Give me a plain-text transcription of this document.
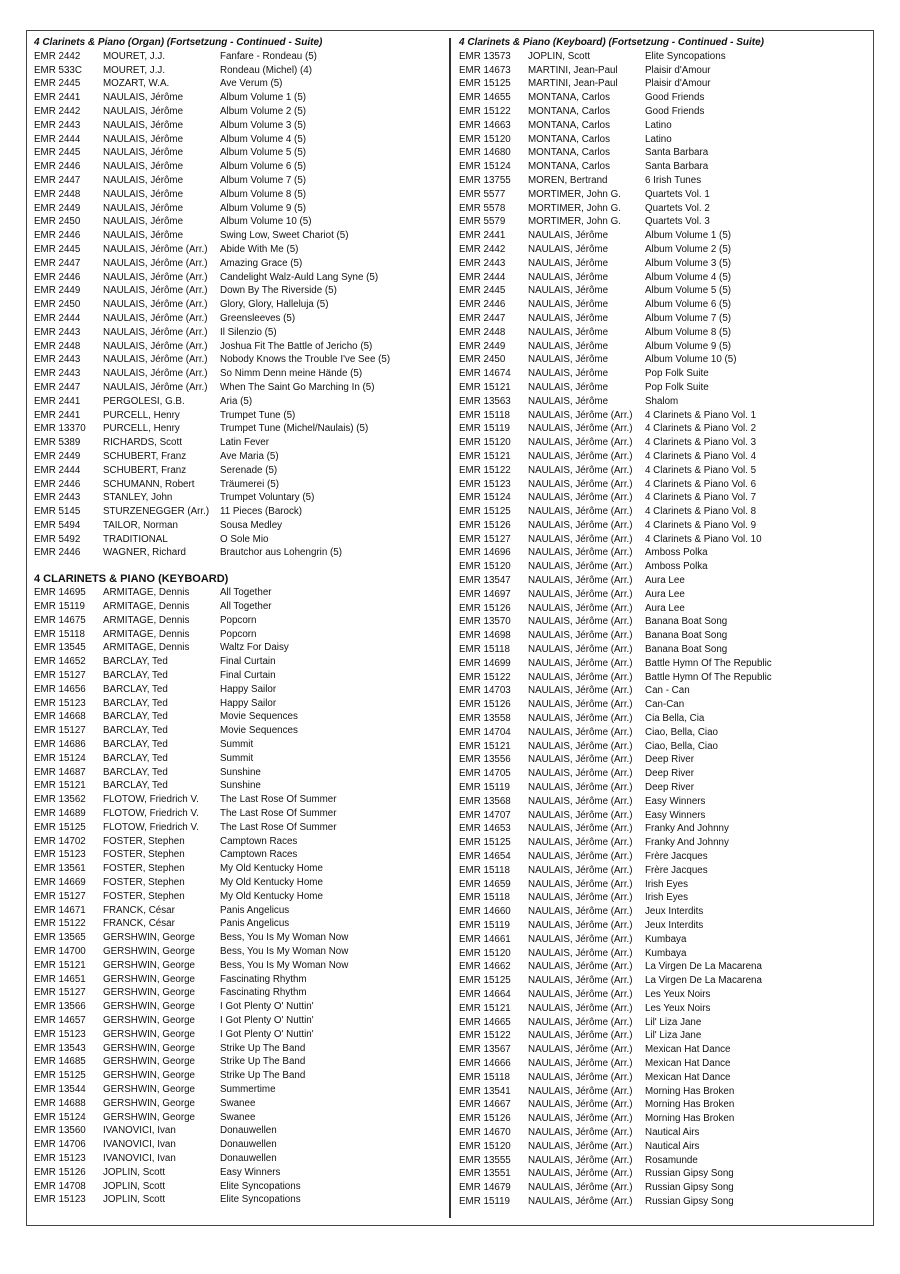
4 Clarinets & Piano (Organ) (Fortsetzung - Continued - Suite)
EMR 2442 MOURET, J.J.	Fanfare - Rondeau (5)
EMR 533C MOURET, J.J.	Rondeau (Michel) (4)
EMR 2445 MOZART, W.A.	Ave Verum (5)
EMR 2441 NAULAIS, Jérôme	Album Volume 1 (5)
EMR 2442 NAULAIS, Jérôme	Album Volume 2 (5)
EMR 2443 NAULAIS, Jérôme	Album Volume 3 (5)
EMR 2444 NAULAIS, Jérôme	Album Volume 4 (5)
EMR 2445 NAULAIS, Jérôme	Album Volume 5 (5)
EMR 2446 NAULAIS, Jérôme	Album Volume 6 (5)
EMR 2447 NAULAIS, Jérôme	Album Volume 7 (5)
EMR 2448 NAULAIS, Jérôme	Album Volume 8 (5)
EMR 2449 NAULAIS, Jérôme	Album Volume 9 (5)
EMR 2450 NAULAIS, Jérôme	Album Volume 10 (5)
EMR 2446 NAULAIS, Jérôme	Swing Low, Sweet Chariot (5)
EMR 2445 NAULAIS, Jérôme (Arr.) Abide With Me (5)
EMR 2447 NAULAIS, Jérôme (Arr.) Amazing Grace (5)
EMR 2446 NAULAIS, Jérôme (Arr.) Candelight Walz-Auld Lang Syne (5)
EMR 2449 NAULAIS, Jérôme (Arr.) Down By The Riverside (5)
EMR 2450 NAULAIS, Jérôme (Arr.) Glory, Glory, Halleluja (5)
EMR 2444 NAULAIS, Jérôme (Arr.) Greensleeves (5)
EMR 2443 NAULAIS, Jérôme (Arr.) Il Silenzio (5)
EMR 2448 NAULAIS, Jérôme (Arr.) Joshua Fit The Battle of Jericho (5)
EMR 2443 NAULAIS, Jérôme (Arr.) Nobody Knows the Trouble I've See (5)
EMR 2443 NAULAIS, Jérôme (Arr.) So Nimm Denn meine Hände (5)
EMR 2447 NAULAIS, Jérôme (Arr.) When The Saint Go Marching In (5)
EMR 2441 PERGOLESI, G.B.	Aria (5)
EMR 2441 PURCELL, Henry	Trumpet Tune (5)
EMR 13370 PURCELL, Henry	Trumpet Tune (Michel/Naulais) (5)
EMR 5389 RICHARDS, Scott	Latin Fever
EMR 2449 SCHUBERT, Franz	Ave Maria (5)
EMR 2444 SCHUBERT, Franz	Serenade (5)
EMR 2446 SCHUMANN, Robert	Träumerei (5)
EMR 2443 STANLEY, John	Trumpet Voluntary (5)
EMR 5145 STURZENEGGER (Arr.) 11 Pieces (Barock)
EMR 5494 TAILOR, Norman	Sousa Medley
EMR 5492 TRADITIONAL	O Sole Mio
EMR 2446 WAGNER, Richard	Brautchor aus Lohengrin (5)
4 CLARINETS & PIANO (KEYBOARD)
EMR 14695 ARMITAGE, Dennis	All Together
EMR 15119 ARMITAGE, Dennis	All Together
EMR 14675 ARMITAGE, Dennis	Popcorn
EMR 15118 ARMITAGE, Dennis	Popcorn
EMR 13545 ARMITAGE, Dennis	Waltz For Daisy
EMR 14652 BARCLAY, Ted	Final Curtain
EMR 15127 BARCLAY, Ted	Final Curtain
EMR 14656 BARCLAY, Ted	Happy Sailor
EMR 15123 BARCLAY, Ted	Happy Sailor
EMR 14668 BARCLAY, Ted	Movie Sequences
EMR 15127 BARCLAY, Ted	Movie Sequences
EMR 14686 BARCLAY, Ted	Summit
EMR 15124 BARCLAY, Ted	Summit
EMR 14687 BARCLAY, Ted	Sunshine
EMR 15121 BARCLAY, Ted	Sunshine
EMR 13562 FLOTOW, Friedrich V. The Last Rose Of Summer
EMR 14689 FLOTOW, Friedrich V. The Last Rose Of Summer
EMR 15125 FLOTOW, Friedrich V. The Last Rose Of Summer
EMR 14702 FOSTER, Stephen	Camptown Races
EMR 15123 FOSTER, Stephen	Camptown Races
EMR 13561 FOSTER, Stephen	My Old Kentucky Home
EMR 14669 FOSTER, Stephen	My Old Kentucky Home
EMR 15127 FOSTER, Stephen	My Old Kentucky Home
EMR 14671 FRANCK, César	Panis Angelicus
EMR 15122 FRANCK, César	Panis Angelicus
EMR 13565 GERSHWIN, George	Bess, You Is My Woman Now
EMR 14700 GERSHWIN, George	Bess, You Is My Woman Now
EMR 15121 GERSHWIN, George	Bess, You Is My Woman Now
EMR 14651 GERSHWIN, George	Fascinating Rhythm
EMR 15127 GERSHWIN, George	Fascinating Rhythm
EMR 13566 GERSHWIN, George	I Got Plenty O' Nuttin'
EMR 14657 GERSHWIN, George	I Got Plenty O' Nuttin'
EMR 15123 GERSHWIN, George	I Got Plenty O' Nuttin'
EMR 13543 GERSHWIN, George	Strike Up The Band
EMR 14685 GERSHWIN, George	Strike Up The Band
EMR 15125 GERSHWIN, George	Strike Up The Band
EMR 13544 GERSHWIN, George	Summertime
EMR 14688 GERSHWIN, George	Swanee
EMR 15124 GERSHWIN, George	Swanee
EMR 13560 IVANOVICI, Ivan	Donauwellen
EMR 14706 IVANOVICI, Ivan	Donauwellen
EMR 15123 IVANOVICI, Ivan	Donauwellen
EMR 15126 JOPLIN, Scott	Easy Winners
EMR 14708 JOPLIN, Scott	Elite Syncopations
EMR 15123 JOPLIN, Scott	Elite Syncopations
4 Clarinets & Piano (Keyboard) (Fortsetzung - Continued - Suite)
EMR 13573 JOPLIN, Scott	Elite Syncopations
EMR 14673 MARTINI, Jean-Paul	Plaisir d'Amour
EMR 15125 MARTINI, Jean-Paul	Plaisir d'Amour
EMR 14655 MONTANA, Carlos	Good Friends
EMR 15122 MONTANA, Carlos	Good Friends
EMR 14663 MONTANA, Carlos	Latino
EMR 15120 MONTANA, Carlos	Latino
EMR 14680 MONTANA, Carlos	Santa Barbara
EMR 15124 MONTANA, Carlos	Santa Barbara
EMR 13755 MOREN, Bertrand	6 Irish Tunes
EMR 5577 MORTIMER, John G. Quartets Vol. 1
EMR 5578 MORTIMER, John G. Quartets Vol. 2
EMR 5579 MORTIMER, John G. Quartets Vol. 3
EMR 2441 NAULAIS, Jérôme	Album Volume 1 (5)
EMR 2442 NAULAIS, Jérôme	Album Volume 2 (5)
EMR 2443 NAULAIS, Jérôme	Album Volume 3 (5)
EMR 2444 NAULAIS, Jérôme	Album Volume 4 (5)
EMR 2445 NAULAIS, Jérôme	Album Volume 5 (5)
EMR 2446 NAULAIS, Jérôme	Album Volume 6 (5)
EMR 2447 NAULAIS, Jérôme	Album Volume 7 (5)
EMR 2448 NAULAIS, Jérôme	Album Volume 8 (5)
EMR 2449 NAULAIS, Jérôme	Album Volume 9 (5)
EMR 2450 NAULAIS, Jérôme	Album Volume 10 (5)
EMR 14674 NAULAIS, Jérôme	Pop Folk Suite
EMR 15121 NAULAIS, Jérôme	Pop Folk Suite
EMR 13563 NAULAIS, Jérôme	Shalom
EMR 15118 NAULAIS, Jérôme (Arr.) 4 Clarinets & Piano Vol. 1
EMR 15119 NAULAIS, Jérôme (Arr.) 4 Clarinets & Piano Vol. 2
EMR 15120 NAULAIS, Jérôme (Arr.) 4 Clarinets & Piano Vol. 3
EMR 15121 NAULAIS, Jérôme (Arr.) 4 Clarinets & Piano Vol. 4
EMR 15122 NAULAIS, Jérôme (Arr.) 4 Clarinets & Piano Vol. 5
EMR 15123 NAULAIS, Jérôme (Arr.) 4 Clarinets & Piano Vol. 6
EMR 15124 NAULAIS, Jérôme (Arr.) 4 Clarinets & Piano Vol. 7
EMR 15125 NAULAIS, Jérôme (Arr.) 4 Clarinets & Piano Vol. 8
EMR 15126 NAULAIS, Jérôme (Arr.) 4 Clarinets & Piano Vol. 9
EMR 15127 NAULAIS, Jérôme (Arr.) 4 Clarinets & Piano Vol. 10
EMR 14696 NAULAIS, Jérôme (Arr.) Amboss Polka
EMR 15120 NAULAIS, Jérôme (Arr.) Amboss Polka
EMR 13547 NAULAIS, Jérôme (Arr.) Aura Lee
EMR 14697 NAULAIS, Jérôme (Arr.) Aura Lee
EMR 15126 NAULAIS, Jérôme (Arr.) Aura Lee
EMR 13570 NAULAIS, Jérôme (Arr.) Banana Boat Song
EMR 14698 NAULAIS, Jérôme (Arr.) Banana Boat Song
EMR 15118 NAULAIS, Jérôme (Arr.) Banana Boat Song
EMR 14699 NAULAIS, Jérôme (Arr.) Battle Hymn Of The Republic
EMR 15122 NAULAIS, Jérôme (Arr.) Battle Hymn Of The Republic
EMR 14703 NAULAIS, Jérôme (Arr.) Can - Can
EMR 15126 NAULAIS, Jérôme (Arr.) Can-Can
EMR 13558 NAULAIS, Jérôme (Arr.) Cia Bella, Cia
EMR 14704 NAULAIS, Jérôme (Arr.) Ciao, Bella, Ciao
EMR 15121 NAULAIS, Jérôme (Arr.) Ciao, Bella, Ciao
EMR 13556 NAULAIS, Jérôme (Arr.) Deep River
EMR 14705 NAULAIS, Jérôme (Arr.) Deep River
EMR 15119 NAULAIS, Jérôme (Arr.) Deep River
EMR 13568 NAULAIS, Jérôme (Arr.) Easy Winners
EMR 14707 NAULAIS, Jérôme (Arr.) Easy Winners
EMR 14653 NAULAIS, Jérôme (Arr.) Franky And Johnny
EMR 15125 NAULAIS, Jérôme (Arr.) Franky And Johnny
EMR 14654 NAULAIS, Jérôme (Arr.) Frère Jacques
EMR 15118 NAULAIS, Jérôme (Arr.) Frère Jacques
EMR 14659 NAULAIS, Jérôme (Arr.) Irish Eyes
EMR 15118 NAULAIS, Jérôme (Arr.) Irish Eyes
EMR 14660 NAULAIS, Jérôme (Arr.) Jeux Interdits
EMR 15119 NAULAIS, Jérôme (Arr.) Jeux Interdits
EMR 14661 NAULAIS, Jérôme (Arr.) Kumbaya
EMR 15120 NAULAIS, Jérôme (Arr.) Kumbaya
EMR 14662 NAULAIS, Jérôme (Arr.) La Virgen De La Macarena
EMR 15125 NAULAIS, Jérôme (Arr.) La Virgen De La Macarena
EMR 14664 NAULAIS, Jérôme (Arr.) Les Yeux Noirs
EMR 15121 NAULAIS, Jérôme (Arr.) Les Yeux Noirs
EMR 14665 NAULAIS, Jérôme (Arr.) Lil' Liza Jane
EMR 15122 NAULAIS, Jérôme (Arr.) Lil' Liza Jane
EMR 13567 NAULAIS, Jérôme (Arr.) Mexican Hat Dance
EMR 14666 NAULAIS, Jérôme (Arr.) Mexican Hat Dance
EMR 15118 NAULAIS, Jérôme (Arr.) Mexican Hat Dance
EMR 13541 NAULAIS, Jérôme (Arr.) Morning Has Broken
EMR 14667 NAULAIS, Jérôme (Arr.) Morning Has Broken
EMR 15126 NAULAIS, Jérôme (Arr.) Morning Has Broken
EMR 14670 NAULAIS, Jérôme (Arr.) Nautical Airs
EMR 15120 NAULAIS, Jérôme (Arr.) Nautical Airs
EMR 13555 NAULAIS, Jérôme (Arr.) Rosamunde
EMR 13551 NAULAIS, Jérôme (Arr.) Russian Gipsy Song
EMR 14679 NAULAIS, Jérôme (Arr.) Russian Gipsy Song
EMR 15119 NAULAIS, Jérôme (Arr.) Russian Gipsy Song
